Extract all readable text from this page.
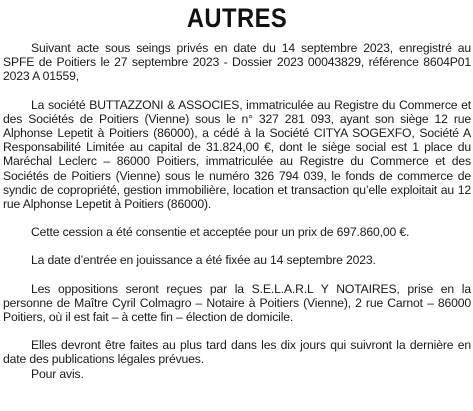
AUTRES

Suivant acte sous seings privés en date du 14 septembre 2023, enregistré au SPFE de Poitiers le 27 septembre 2023 - Dossier 2023 00043829, référence 8604P01 2023 A 01559,

La société BUTTAZZONI & ASSOCIES, immatriculée au Registre du Commerce et des Sociétés de Poitiers (Vienne) sous le n° 327 281 093, ayant son siège 12 rue Alphonse Lepetit à Poitiers (86000), a cédé à la Société CITYA SOGEXFO, Société A Responsabilité Limitée au capital de 31.824,00 €, dont le siège social est 1 place du Maréchal Leclerc – 86000 Poitiers, immatriculée au Registre du Commerce et des Sociétés de Poitiers (Vienne) sous le numéro 326 794 039, le fonds de commerce de syndic de copropriété, gestion immobilière, location et transaction qu’elle exploitait au 12 rue Alphonse Lepetit à Poitiers (86000).

Cette cession a été consentie et acceptée pour un prix de 697.860,00 €.

La date d’entrée en jouissance a été fixée au 14 septembre 2023.

Les oppositions seront reçues par la S.E.L.A.R.L Y NOTAIRES, prise en la personne de Maître Cyril Colmagro – Notaire à Poitiers (Vienne), 2 rue Carnot – 86000 Poitiers, où il est fait – à cette fin – élection de domicile.

Elles devront être faites au plus tard dans les dix jours qui suivront la dernière en date des publications légales prévues.

Pour avis.
